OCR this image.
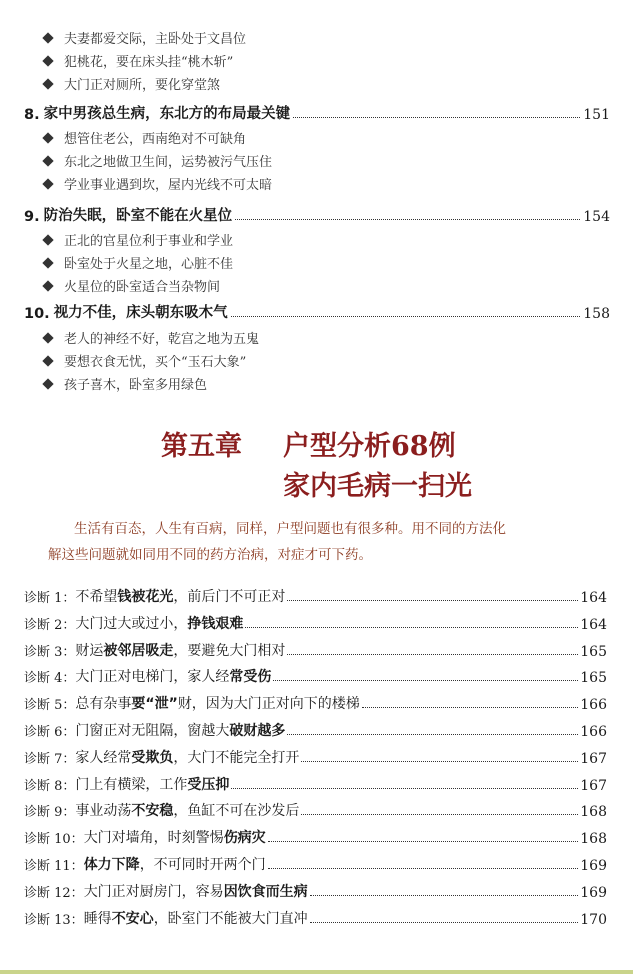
夫妻都爱交际，主卧处于文昌位
犯桃花，要在床头挂“桃木斩”
大门正对厕所，要化穿堂煞
8. 家中男孩总生病，东北方的布局最关键	151
想管住老公，西南绝对不可缺角
东北之地做卫生间，运势被污气压住
学业事业遇到坎，屋内光线不可太暗
9. 防治失眠，卧室不能在火星位	154
正北的官星位利于事业和学业
卧室处于火星之地，心脏不佳
火星位的卧室适合当杂物间
10. 视力不佳，床头朝东吸木气	158
老人的神经不好，乾宫之地为五鬼
要想衣食无忧，买个“玉石大象”
孩子喜木，卧室多用绿色
第五章 户型分析68例
家内毛病一扫光
生活有百态，人生有百病，同样，户型问题也有很多种。用不同的方法化
解这些问题就如同用不同的药方治病，对症才可下药。
诊断 1： 不希望钱被花光，前后门不可正对	164
诊断 2： 大门过大或过小，挣钱艰难	164
诊断 3： 财运被邻居吸走，要避免大门相对	165
诊断 4： 大门正对电梯门，家人经常受伤	165
诊断 5： 总有杂事要“泄”财，因为大门正对向下的楼梯	166
诊断 6： 门窗正对无阻隔，窗越大破财越多	166
诊断 7： 家人经常受欺负，大门不能完全打开	167
诊断 8： 门上有横梁，工作受压抑	167
诊断 9： 事业动荡不安稳，鱼缸不可在沙发后	168
诊断 10： 大门对墙角，时刻警惕伤病灾	168
诊断 11： 体力下降，不可同时开两个门	169
诊断 12： 大门正对厨房门，容易因饮食而生病	169
诊断 13： 睡得不安心，卧室门不能被大门直冲	170
